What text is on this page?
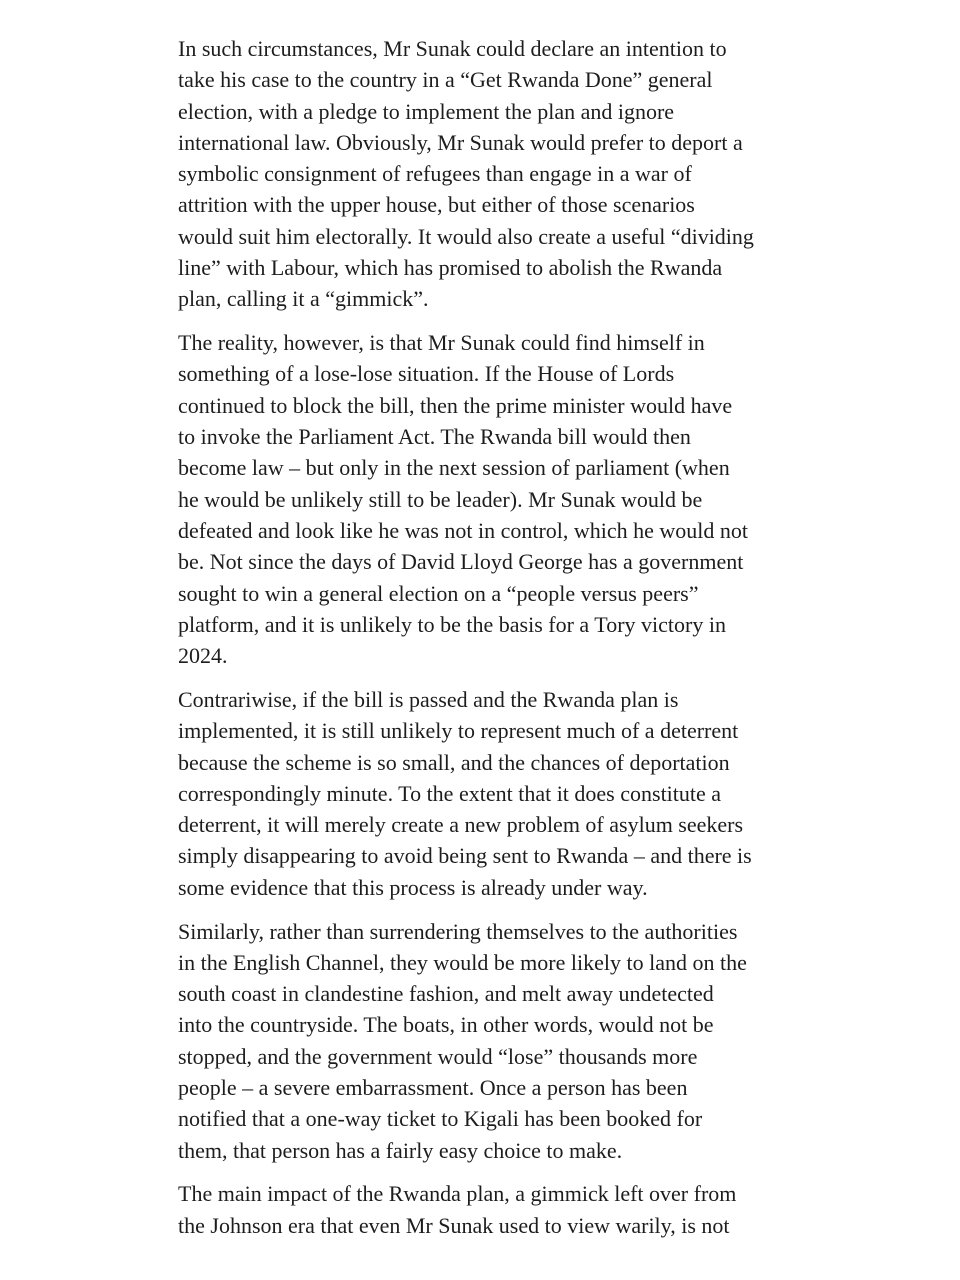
In such circumstances, Mr Sunak could declare an intention to
take his case to the country in a “Get Rwanda Done” general
election, with a pledge to implement the plan and ignore
international law. Obviously, Mr Sunak would prefer to deport a
symbolic consignment of refugees than engage in a war of
attrition with the upper house, but either of those scenarios
would suit him electorally. It would also create a useful “dividing
line” with Labour, which has promised to abolish the Rwanda
plan, calling it a “gimmick”.

The reality, however, is that Mr Sunak could find himself in
something of a lose-lose situation. If the House of Lords
continued to block the bill, then the prime minister would have
to invoke the Parliament Act. The Rwanda bill would then
become law – but only in the next session of parliament (when
he would be unlikely still to be leader). Mr Sunak would be
defeated and look like he was not in control, which he would not
be. Not since the days of David Lloyd George has a government
sought to win a general election on a “people versus peers”
platform, and it is unlikely to be the basis for a Tory victory in
2024.

Contrariwise, if the bill is passed and the Rwanda plan is
implemented, it is still unlikely to represent much of a deterrent
because the scheme is so small, and the chances of deportation
correspondingly minute. To the extent that it does constitute a
deterrent, it will merely create a new problem of asylum seekers
simply disappearing to avoid being sent to Rwanda – and there is
some evidence that this process is already under way.

Similarly, rather than surrendering themselves to the authorities
in the English Channel, they would be more likely to land on the
south coast in clandestine fashion, and melt away undetected
into the countryside. The boats, in other words, would not be
stopped, and the government would “lose” thousands more
people – a severe embarrassment. Once a person has been
notified that a one-way ticket to Kigali has been booked for
them, that person has a fairly easy choice to make.

The main impact of the Rwanda plan, a gimmick left over from
the Johnson era that even Mr Sunak used to view warily, is not
